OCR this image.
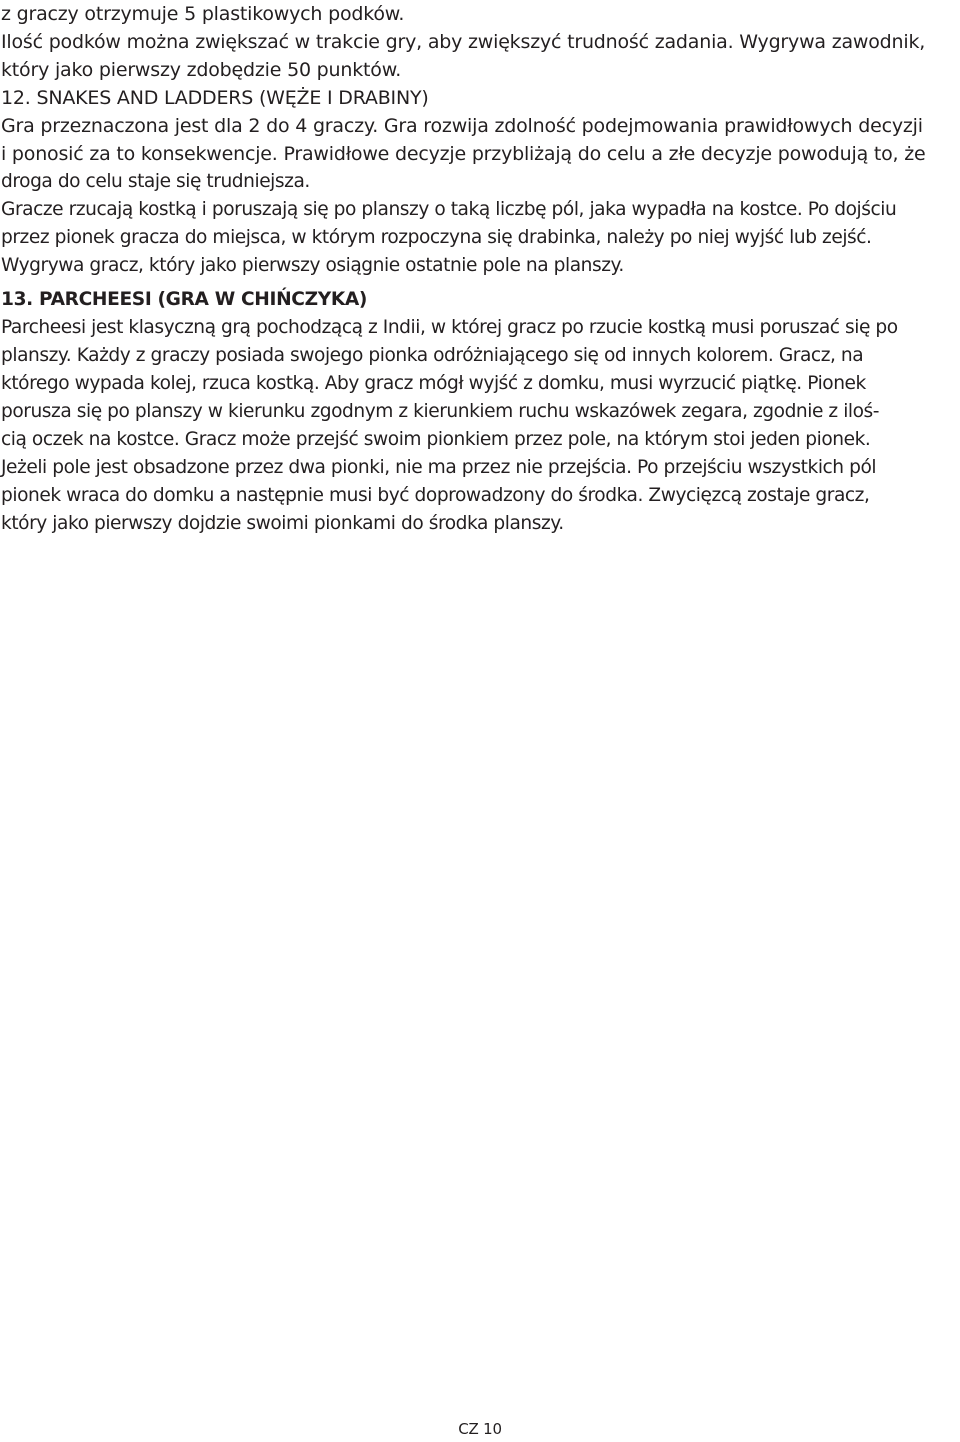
z graczy otrzymuje 5 plastikowych podków.
Ilość podków można zwiększać w trakcie gry, aby zwiększyć trudność zadania. Wygrywa zawodnik,
który jako pierwszy zdobędzie 50 punktów.
12. SNAKES AND LADDERS (WĘŻE I DRABINY)
Gra przeznaczona jest dla 2 do 4 graczy. Gra rozwija zdolność podejmowania prawidłowych decyzji
i ponosić za to konsekwencje. Prawidłowe decyzje przybliżają do celu a złe decyzje powodują to, że
droga do celu staje się trudniejsza.
Gracze rzucają kostką i poruszają się po planszy o taką liczbę pól, jaka wypadła na kostce. Po dojściu
przez pionek gracza do miejsca, w którym rozpoczyna się drabinka, należy po niej wyjść lub zejść.
Wygrywa gracz, który jako pierwszy osiągnie ostatnie pole na planszy.
13. PARCHEESI (GRA W CHIŃCZYKA)
Parcheesi jest klasyczną grą pochodzącą z Indii, w której gracz po rzucie kostką musi poruszać się po
planszy. Każdy z graczy posiada swojego pionka odróżniającego się od innych kolorem. Gracz, na
którego wypada kolej, rzuca kostką. Aby gracz mógł wyjść z domku, musi wyrzucić piątkę. Pionek
porusza się po planszy w kierunku zgodnym z kierunkiem ruchu wskazówek zegara, zgodnie z iloś-
cią oczek na kostce. Gracz może przejść swoim pionkiem przez pole, na którym stoi jeden pionek.
Jeżeli pole jest obsadzone przez dwa pionki, nie ma przez nie przejścia. Po przejściu wszystkich pól
pionek wraca do domku a następnie musi być doprowadzony do środka. Zwycięzcą zostaje gracz,
który jako pierwszy dojdzie swoimi pionkami do środka planszy.
CZ 10
